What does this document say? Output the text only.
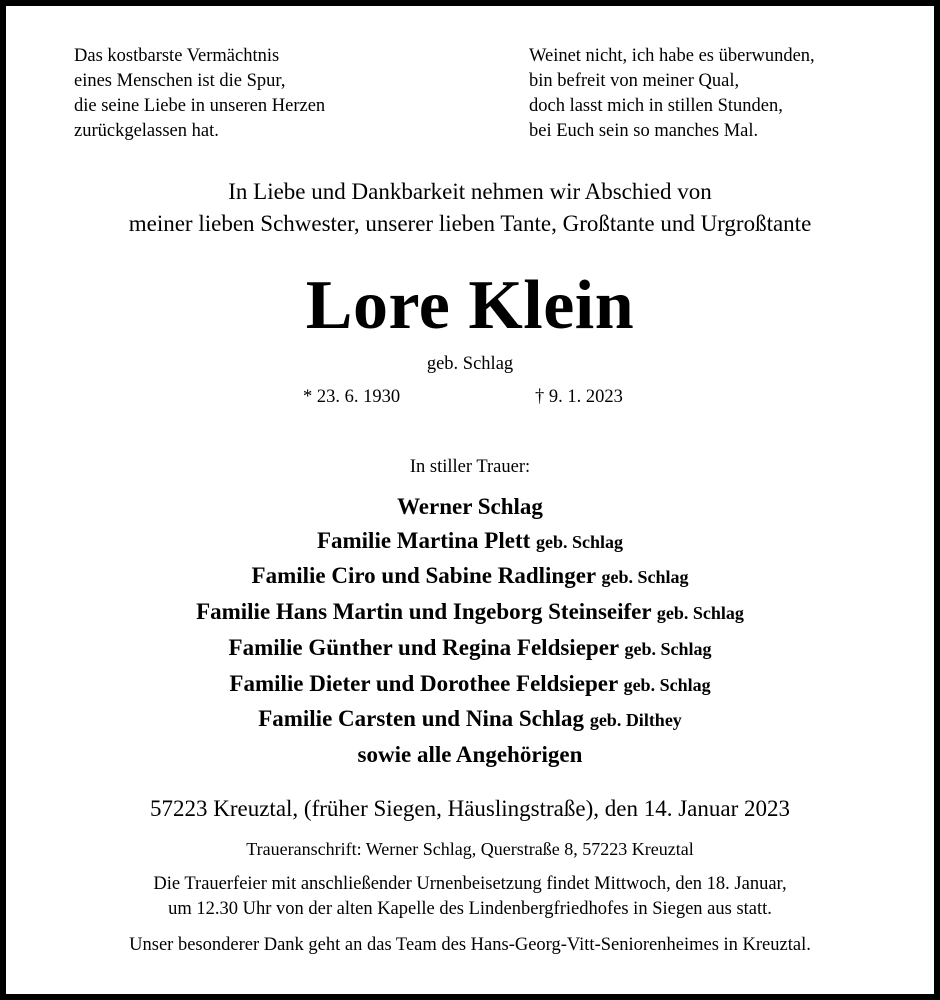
Das kostbarste Vermächtnis
eines Menschen ist die Spur,
die seine Liebe in unseren Herzen
zurückgelassen hat.
Weinet nicht, ich habe es überwunden,
bin befreit von meiner Qual,
doch lasst mich in stillen Stunden,
bei Euch sein so manches Mal.
In Liebe und Dankbarkeit nehmen wir Abschied von
meiner lieben Schwester, unserer lieben Tante, Großtante und Urgroßtante
Lore Klein
geb. Schlag
* 23. 6. 1930	† 9. 1. 2023
In stiller Trauer:
Werner Schlag
Familie Martina Plett geb. Schlag
Familie Ciro und Sabine Radlinger geb. Schlag
Familie Hans Martin und Ingeborg Steinseifer geb. Schlag
Familie Günther und Regina Feldsieper geb. Schlag
Familie Dieter und Dorothee Feldsieper geb. Schlag
Familie Carsten und Nina Schlag geb. Dilthey
sowie alle Angehörigen
57223 Kreuztal, (früher Siegen, Häuslingstraße), den 14. Januar 2023
Traueranschrift: Werner Schlag, Querstraße 8, 57223 Kreuztal
Die Trauerfeier mit anschließender Urnenbeisetzung findet Mittwoch, den 18. Januar,
um 12.30 Uhr von der alten Kapelle des Lindenbergfriedhofes in Siegen aus statt.
Unser besonderer Dank geht an das Team des Hans-Georg-Vitt-Seniorenheimes in Kreuztal.
